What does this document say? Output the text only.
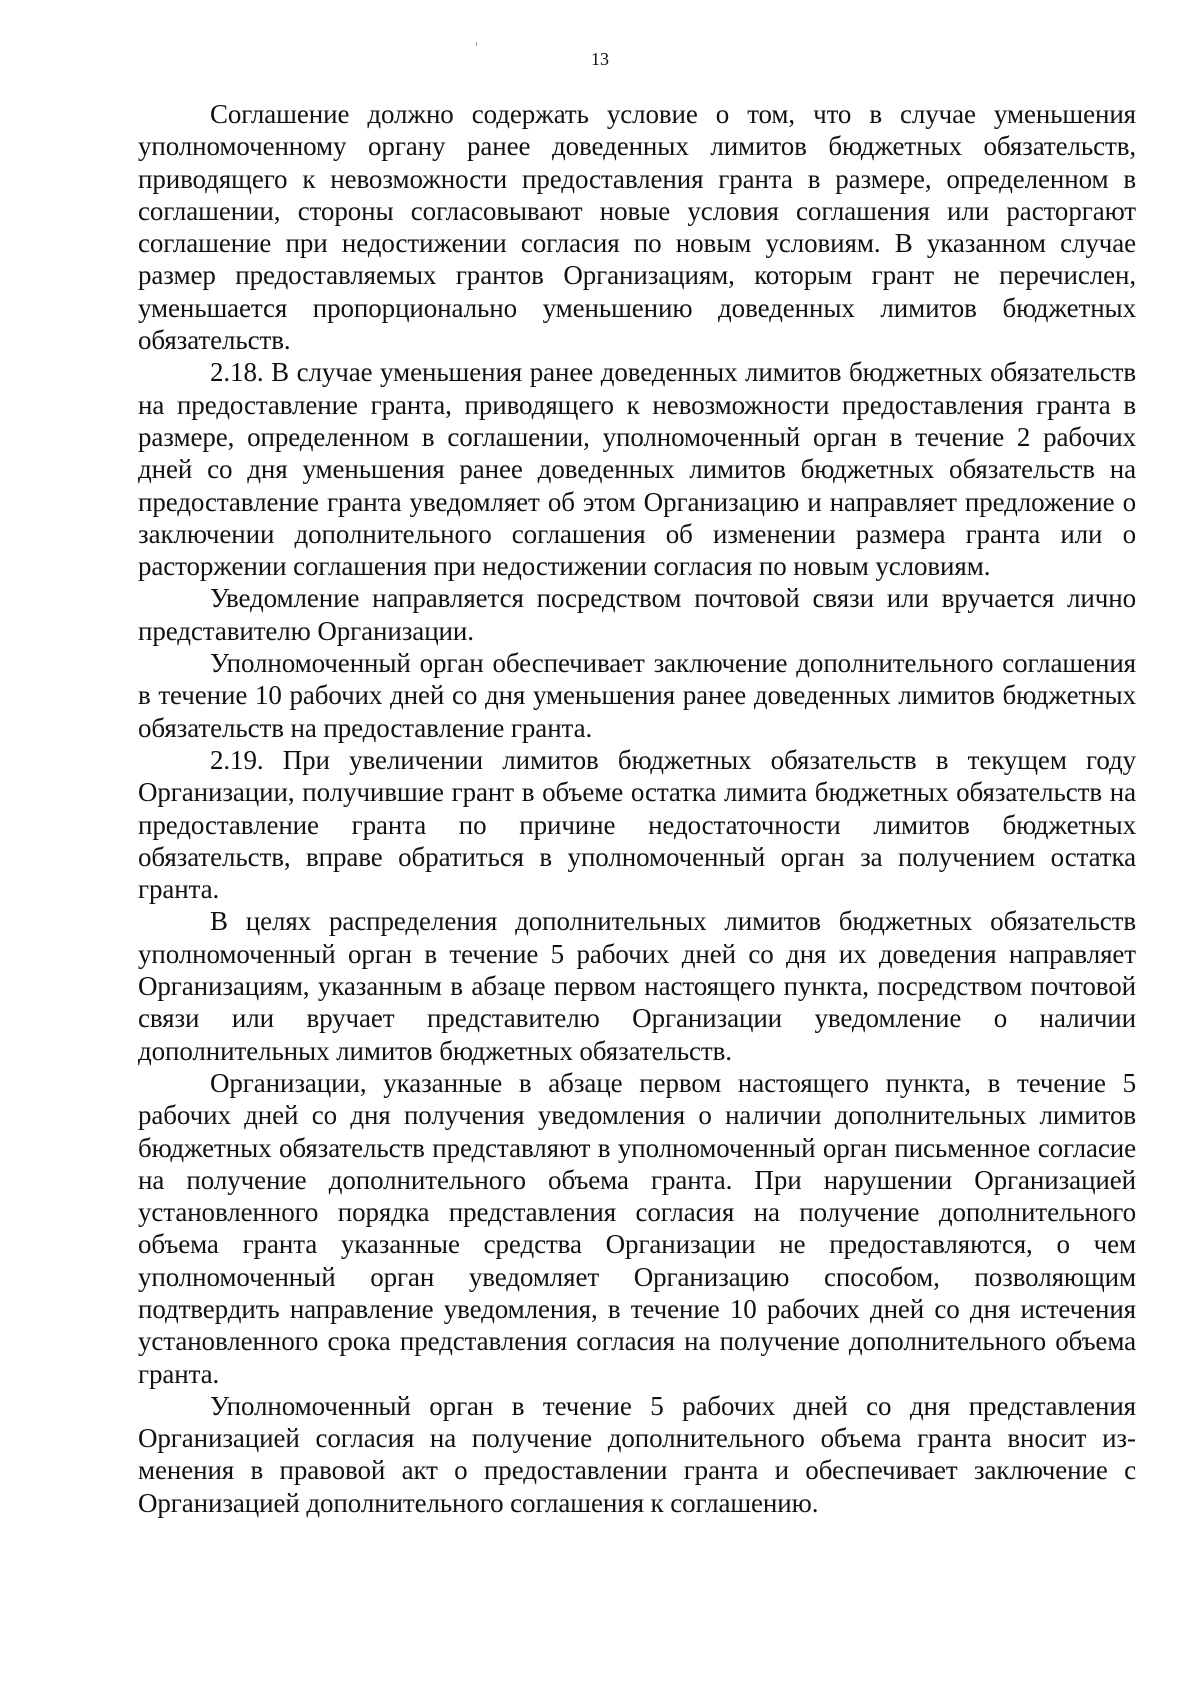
13

Соглашение должно содержать условие о том, что в случае уменьшения уполномоченному органу ранее доведенных лимитов бюджетных обязательств, приводящего к невозможности предоставления гранта в размере, определенном в соглашении, стороны согласовывают новые условия соглашения или расторгают соглашение при недостижении согласия по новым условиям. В указанном случае размер предоставляемых грантов Организациям, которым грант не перечислен, уменьшается пропорционально уменьшению доведенных лимитов бюджетных обязательств.

2.18. В случае уменьшения ранее доведенных лимитов бюджетных обязательств на предоставление гранта, приводящего к невозможности предоставления гранта в размере, определенном в соглашении, уполномоченный орган в течение 2 рабочих дней со дня уменьшения ранее доведенных лимитов бюджетных обязательств на предоставление гранта уведомляет об этом Организацию и направляет предложение о заключении дополнительного соглашения об изменении размера гранта или о расторжении соглашения при недостижении согласия по новым условиям.

Уведомление направляется посредством почтовой связи или вручается лично представителю Организации.

Уполномоченный орган обеспечивает заключение дополнительного соглашения в течение 10 рабочих дней со дня уменьшения ранее доведенных лимитов бюджетных обязательств на предоставление гранта.

2.19. При увеличении лимитов бюджетных обязательств в текущем году Организации, получившие грант в объеме остатка лимита бюджетных обязательств на предоставление гранта по причине недостаточности лимитов бюджетных обязательств, вправе обратиться в уполномоченный орган за получением остатка гранта.

В целях распределения дополнительных лимитов бюджетных обязательств уполномоченный орган в течение 5 рабочих дней со дня их доведения направляет Организациям, указанным в абзаце первом настоящего пункта, посредством почтовой связи или вручает представителю Организации уведомление о наличии дополнительных лимитов бюджетных обязательств.

Организации, указанные в абзаце первом настоящего пункта, в течение 5 рабочих дней со дня получения уведомления о наличии дополнительных лимитов бюджетных обязательств представляют в уполномоченный орган письменное согласие на получение дополнительного объема гранта. При нарушении Организацией установленного порядка представления согласия на получение дополнительного объема гранта указанные средства Организации не предоставляются, о чем уполномоченный орган уведомляет Организацию способом, позволяющим подтвердить направление уведомления, в течение 10 рабочих дней со дня истечения установленного срока представления согласия на получение дополнительного объема гранта.

Уполномоченный орган в течение 5 рабочих дней со дня представления Организацией согласия на получение дополнительного объема гранта вносит изменения в правовой акт о предоставлении гранта и обеспечивает заключение с Организацией дополнительного соглашения к соглашению.
